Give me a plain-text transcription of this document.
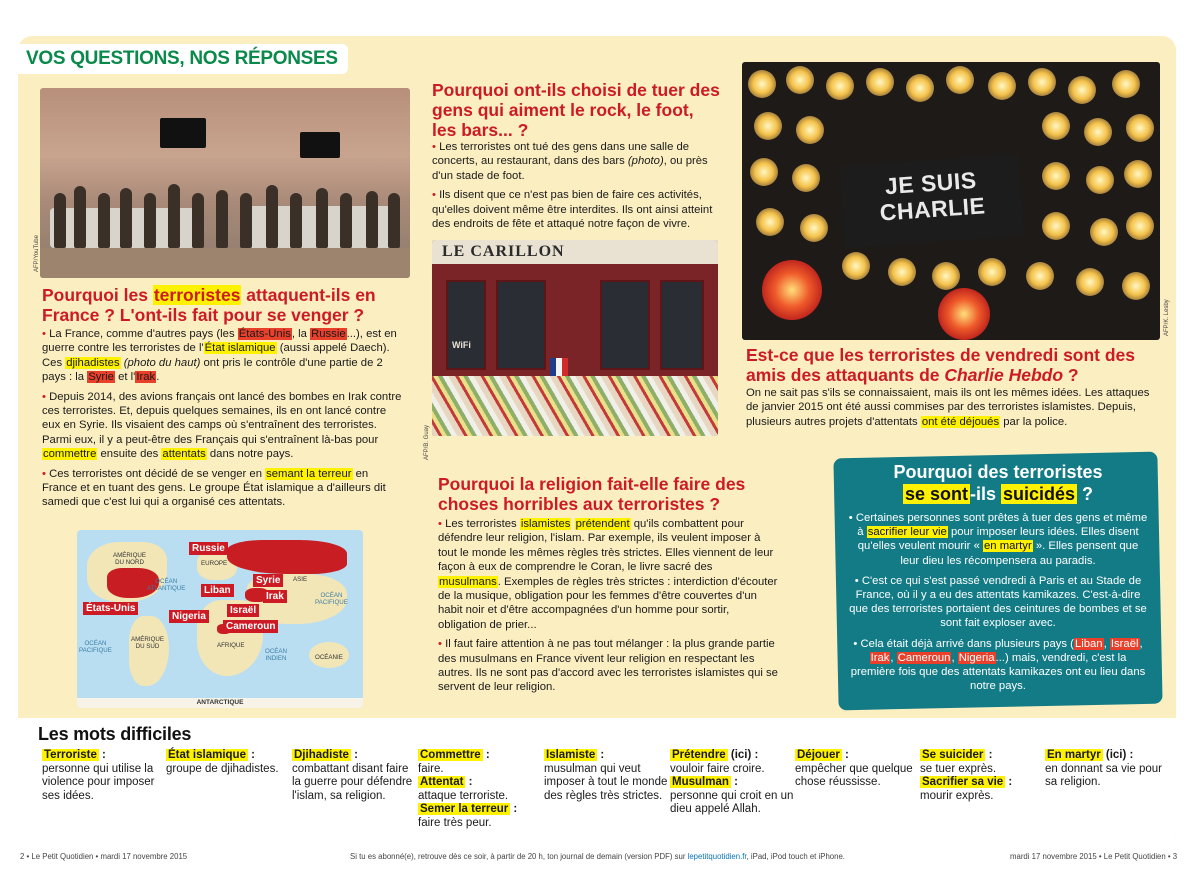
VOS QUESTIONS, NOS RÉPONSES
AFP/YouTube
Pourquoi les terroristes attaquent-ils en France ? L'ont-ils fait pour se venger ?

• La France, comme d'autres pays (les États-Unis, la Russie...), est en guerre contre les terroristes de l'État islamique (aussi appelé Daech). Ces djihadistes (photo du haut) ont pris le contrôle d'une partie de 2 pays : la Syrie et l'Irak.

• Depuis 2014, des avions français ont lancé des bombes en Irak contre ces terroristes. Et, depuis quelques semaines, ils en ont lancé contre eux en Syrie. Ils visaient des camps où s'entraînent des terroristes. Parmi eux, il y a peut-être des Français qui s'entraînent là-bas pour commettre ensuite des attentats dans notre pays.

• Ces terroristes ont décidé de se venger en semant la terreur en France et en tuant des gens. Le groupe État islamique a d'ailleurs dit samedi que c'est lui qui a organisé ces attentats.

Russie
États-Unis
Syrie
Irak
Liban
Israël
Nigeria
Cameroun
AMÉRIQUE
DU NORD	EUROPE
ASIE
OCÉAN
ATLANTIQUE
OCÉAN
PACIFIQUE
OCÉAN
PACIFIQUE
AMÉRIQUE
DU SUD	AFRIQUE
OCÉAN
INDIEN	OCÉANIE
ANTARCTIQUE
Pourquoi ont-ils choisi de tuer des gens qui aiment le rock, le foot, les bars... ?

• Les terroristes ont tué des gens dans une salle de concerts, au restaurant, dans des bars (photo), ou près d'un stade de foot.

• Ils disent que ce n'est pas bien de faire ces activités, qu'elles doivent même être interdites. Ils ont ainsi atteint des endroits de fête et attaqué notre façon de vivre.

LE CARILLON
WiFi
AFP/B. Guay
Pourquoi la religion fait-elle faire des choses horribles aux terroristes ?

• Les terroristes islamistes prétendent qu'ils combattent pour défendre leur religion, l'islam. Par exemple, ils veulent imposer à tout le monde les mêmes règles très strictes. Elles viennent de leur façon à eux de comprendre le Coran, le livre sacré des musulmans. Exemples de règles très strictes : interdiction d'écouter de la musique, obligation pour les femmes d'être couvertes d'un habit noir et d'être accompagnées d'un homme pour sortir, obligation de prier...

• Il faut faire attention à ne pas tout mélanger : la plus grande partie des musulmans en France vivent leur religion en respectant les autres. Ils ne sont pas d'accord avec les terroristes islamistes qui se servent de leur religion.

JE SUIS
CHARLIE
AFP/K. Lesby
Est-ce que les terroristes de vendredi sont des amis des attaquants de Charlie Hebdo ?

On ne sait pas s'ils se connaissaient, mais ils ont les mêmes idées. Les attaques de janvier 2015 ont été aussi commises par des terroristes islamistes. Depuis, plusieurs autres projets d'attentats ont été déjoués par la police.

Pourquoi des terroristes
se sont -ils suicidés ?

• Certaines personnes sont prêtes à tuer des gens et même à sacrifier leur vie pour imposer leurs idées. Elles disent qu'elles veulent mourir « en martyr ». Elles pensent que leur dieu les récompensera au paradis.

• C'est ce qui s'est passé vendredi à Paris et au Stade de France, où il y a eu des attentats kamikazes. C'est-à-dire que des terroristes portaient des ceintures de bombes et se sont fait exploser avec.

• Cela était déjà arrivé dans plusieurs pays (Liban, Israël, Irak, Cameroun, Nigeria...) mais, vendredi, c'est la première fois que des attentats kamikazes ont eu lieu dans notre pays.

Les mots difficiles
Terroriste :
personne qui utilise la violence pour imposer ses idées.
État islamique :
groupe de djihadistes.
Djihadiste :
combattant disant faire la guerre pour défendre l'islam, sa religion.
Commettre :
faire.
Attentat :
attaque terroriste.
Semer la terreur :
faire très peur.
Islamiste :
musulman qui veut imposer à tout le monde des règles très strictes.
Prétendre (ici) :
vouloir faire croire.
Musulman :
personne qui croit en un dieu appelé Allah.
Déjouer :
empêcher que quelque chose réussisse.
Se suicider :
se tuer exprès.
Sacrifier sa vie :
mourir exprès.
En martyr (ici) :
en donnant sa vie pour sa religion.
2 • Le Petit Quotidien • mardi 17 novembre 2015	Si tu es abonné(e), retrouve dès ce soir, à partir de 20 h, ton journal de demain (version PDF) sur lepetitquotidien.fr, iPad, iPod touch et iPhone.	mardi 17 novembre 2015 • Le Petit Quotidien • 3
